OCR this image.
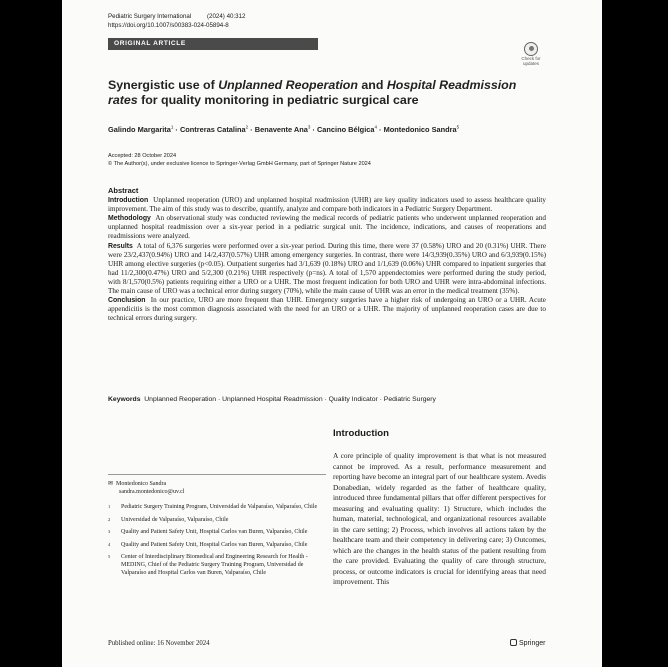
Pediatric Surgery International	(2024) 40:312
https://doi.org/10.1007/s00383-024-05894-8
ORIGINAL ARTICLE
Check for
updates
Synergistic use of Unplanned Reoperation and Hospital Readmission
rates for quality monitoring in pediatric surgical care
Galindo Margarita$^1$ · Contreras Catalina$^2$ · Benavente Ana$^3$ · Cancino Bélgica$^4$ · Montedonico Sandra$^5$
Accepted: 28 October 2024
© The Author(s), under exclusive licence to Springer-Verlag GmbH Germany, part of Springer Nature 2024
Abstract

Introduction Unplanned reoperation (URO) and unplanned hospital readmission (UHR) are key quality indicators used to assess healthcare quality improvement. The aim of this study was to describe, quantify, analyze and compare both indicators in a Pediatric Surgery Department.

Methodology An observational study was conducted reviewing the medical records of pediatric patients who underwent unplanned reoperation and unplanned hospital readmission over a six-year period in a pediatric surgical unit. The incidence, indications, and causes of reoperations and readmissions were analyzed.

Results A total of 6,376 surgeries were performed over a six-year period. During this time, there were 37 (0.58%) URO and 20 (0.31%) UHR. There were 23/2,437(0.94%) URO and 14/2,437(0.57%) UHR among emergency surgeries. In contrast, there were 14/3,939(0.35%) URO and 6/3,939(0.15%) UHR among elective surgeries (p<0.05). Outpatient surgeries had 3/1,639 (0.18%) URO and 1/1,639 (0.06%) UHR compared to inpatient surgeries that had 11/2,300(0.47%) URO and 5/2,300 (0.21%) UHR respectively (p=ns). A total of 1,570 appendectomies were performed during the study period, with 8/1,570(0.5%) patients requiring either a URO or a UHR. The most frequent indication for both URO and UHR were intra-abdominal infections. The main cause of URO was a technical error during surgery (70%), while the main cause of UHR was an error in the medical treatment (35%).

Conclusion In our practice, URO are more frequent than UHR. Emergency surgeries have a higher risk of undergoing an URO or a UHR. Acute appendicitis is the most common diagnosis associated with the need for an URO or a UHR. The majority of unplanned reoperation cases are due to technical errors during surgery.

Keywords Unplanned Reoperation · Unplanned Hospital Readmission · Quality Indicator · Pediatric Surgery
✉ Montedonico Sandra
sandra.montedonico@uv.cl
1 Pediatric Surgery Training Program, Universidad de Valparaíso, Valparaíso, Chile
2 Universidad de Valparaíso, Valparaíso, Chile
3 Quality and Patient Safety Unit, Hospital Carlos van Buren, Valparaíso, Chile
4 Quality and Patient Safety Unit, Hospital Carlos van Buren, Valparaíso, Chile
5 Center of Interdisciplinary Biomedical and Engineering Research for Health - MEDING, Chief of the Pediatric Surgery Training Program, Universidad de Valparaíso and Hospital Carlos van Buren, Valparaíso, Chile
Published online: 16 November 2024
Introduction
A core principle of quality improvement is that what is not measured cannot be improved. As a result, performance measurement and reporting have become an integral part of our healthcare system. Avedis Donabedian, widely regarded as the father of healthcare quality, introduced three fundamental pillars that offer different perspectives for measuring and evaluating quality: 1) Structure, which includes the human, material, technological, and organizational resources available in the care setting; 2) Process, which involves all actions taken by the healthcare team and their competency in delivering care; 3) Outcomes, which are the changes in the health status of the patient resulting from the care provided. Evaluating the quality of care through structure, process, or outcome indicators is crucial for identifying areas that need improvement. This
Springer
